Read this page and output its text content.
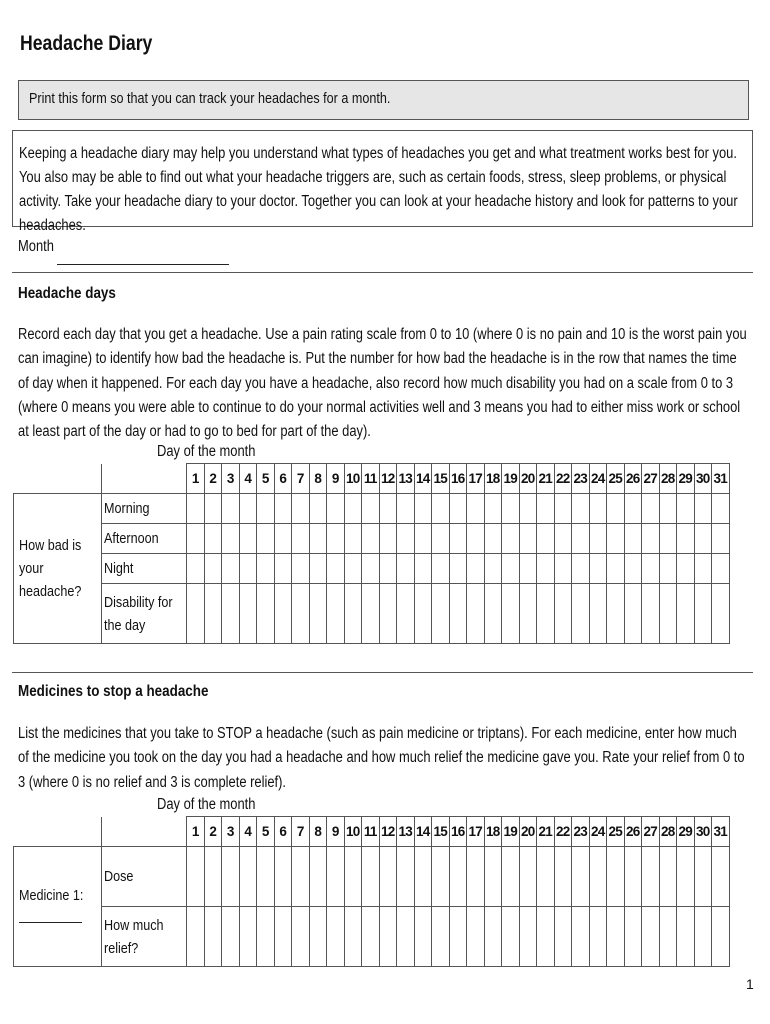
Headache Diary
Print this form so that you can track your headaches for a month.

Keeping a headache diary may help you understand what types of headaches you get and what treatment works best for you. You also may be able to find out what your headache triggers are, such as certain foods, stress, sleep problems, or physical activity. Take your headache diary to your doctor. Together you can look at your headache history and look for patterns to your headaches.

Month
Headache days

Record each day that you get a headache. Use a pain rating scale from 0 to 10 (where 0 is no pain and 10 is the worst pain you can imagine) to identify how bad the headache is. Put the number for how bad the headache is in the row that names the time of day when it happened. For each day you have a headache, also record how much disability you had on a scale from 0 to 3 (where 0 means you were able to continue to do your normal activities well and 3 means you had to either miss work or school at least part of the day or had to go to bed for part of the day).

Day of the month
		1	2	3	4	5	6	7	8	9	10	11	12	13	14	15	16	17	18	19	20	21	22	23	24	25	26	27	28	29	30	31

How bad is your headache?	Morning																															

	Afternoon																															

	Night																															

	Disability for the day																															

Medicines to stop a headache

List the medicines that you take to STOP a headache (such as pain medicine or triptans). For each medicine, enter how much of the medicine you took on the day you had a headache and how much relief the medicine gave you. Rate your relief from 0 to 3 (where 0 is no relief and 3 is complete relief).

Day of the month
		1	2	3	4	5	6	7	8	9	10	11	12	13	14	15	16	17	18	19	20	21	22	23	24	25	26	27	28	29	30	31

Medicine 1:	Dose																															

	How much relief?																															

1
